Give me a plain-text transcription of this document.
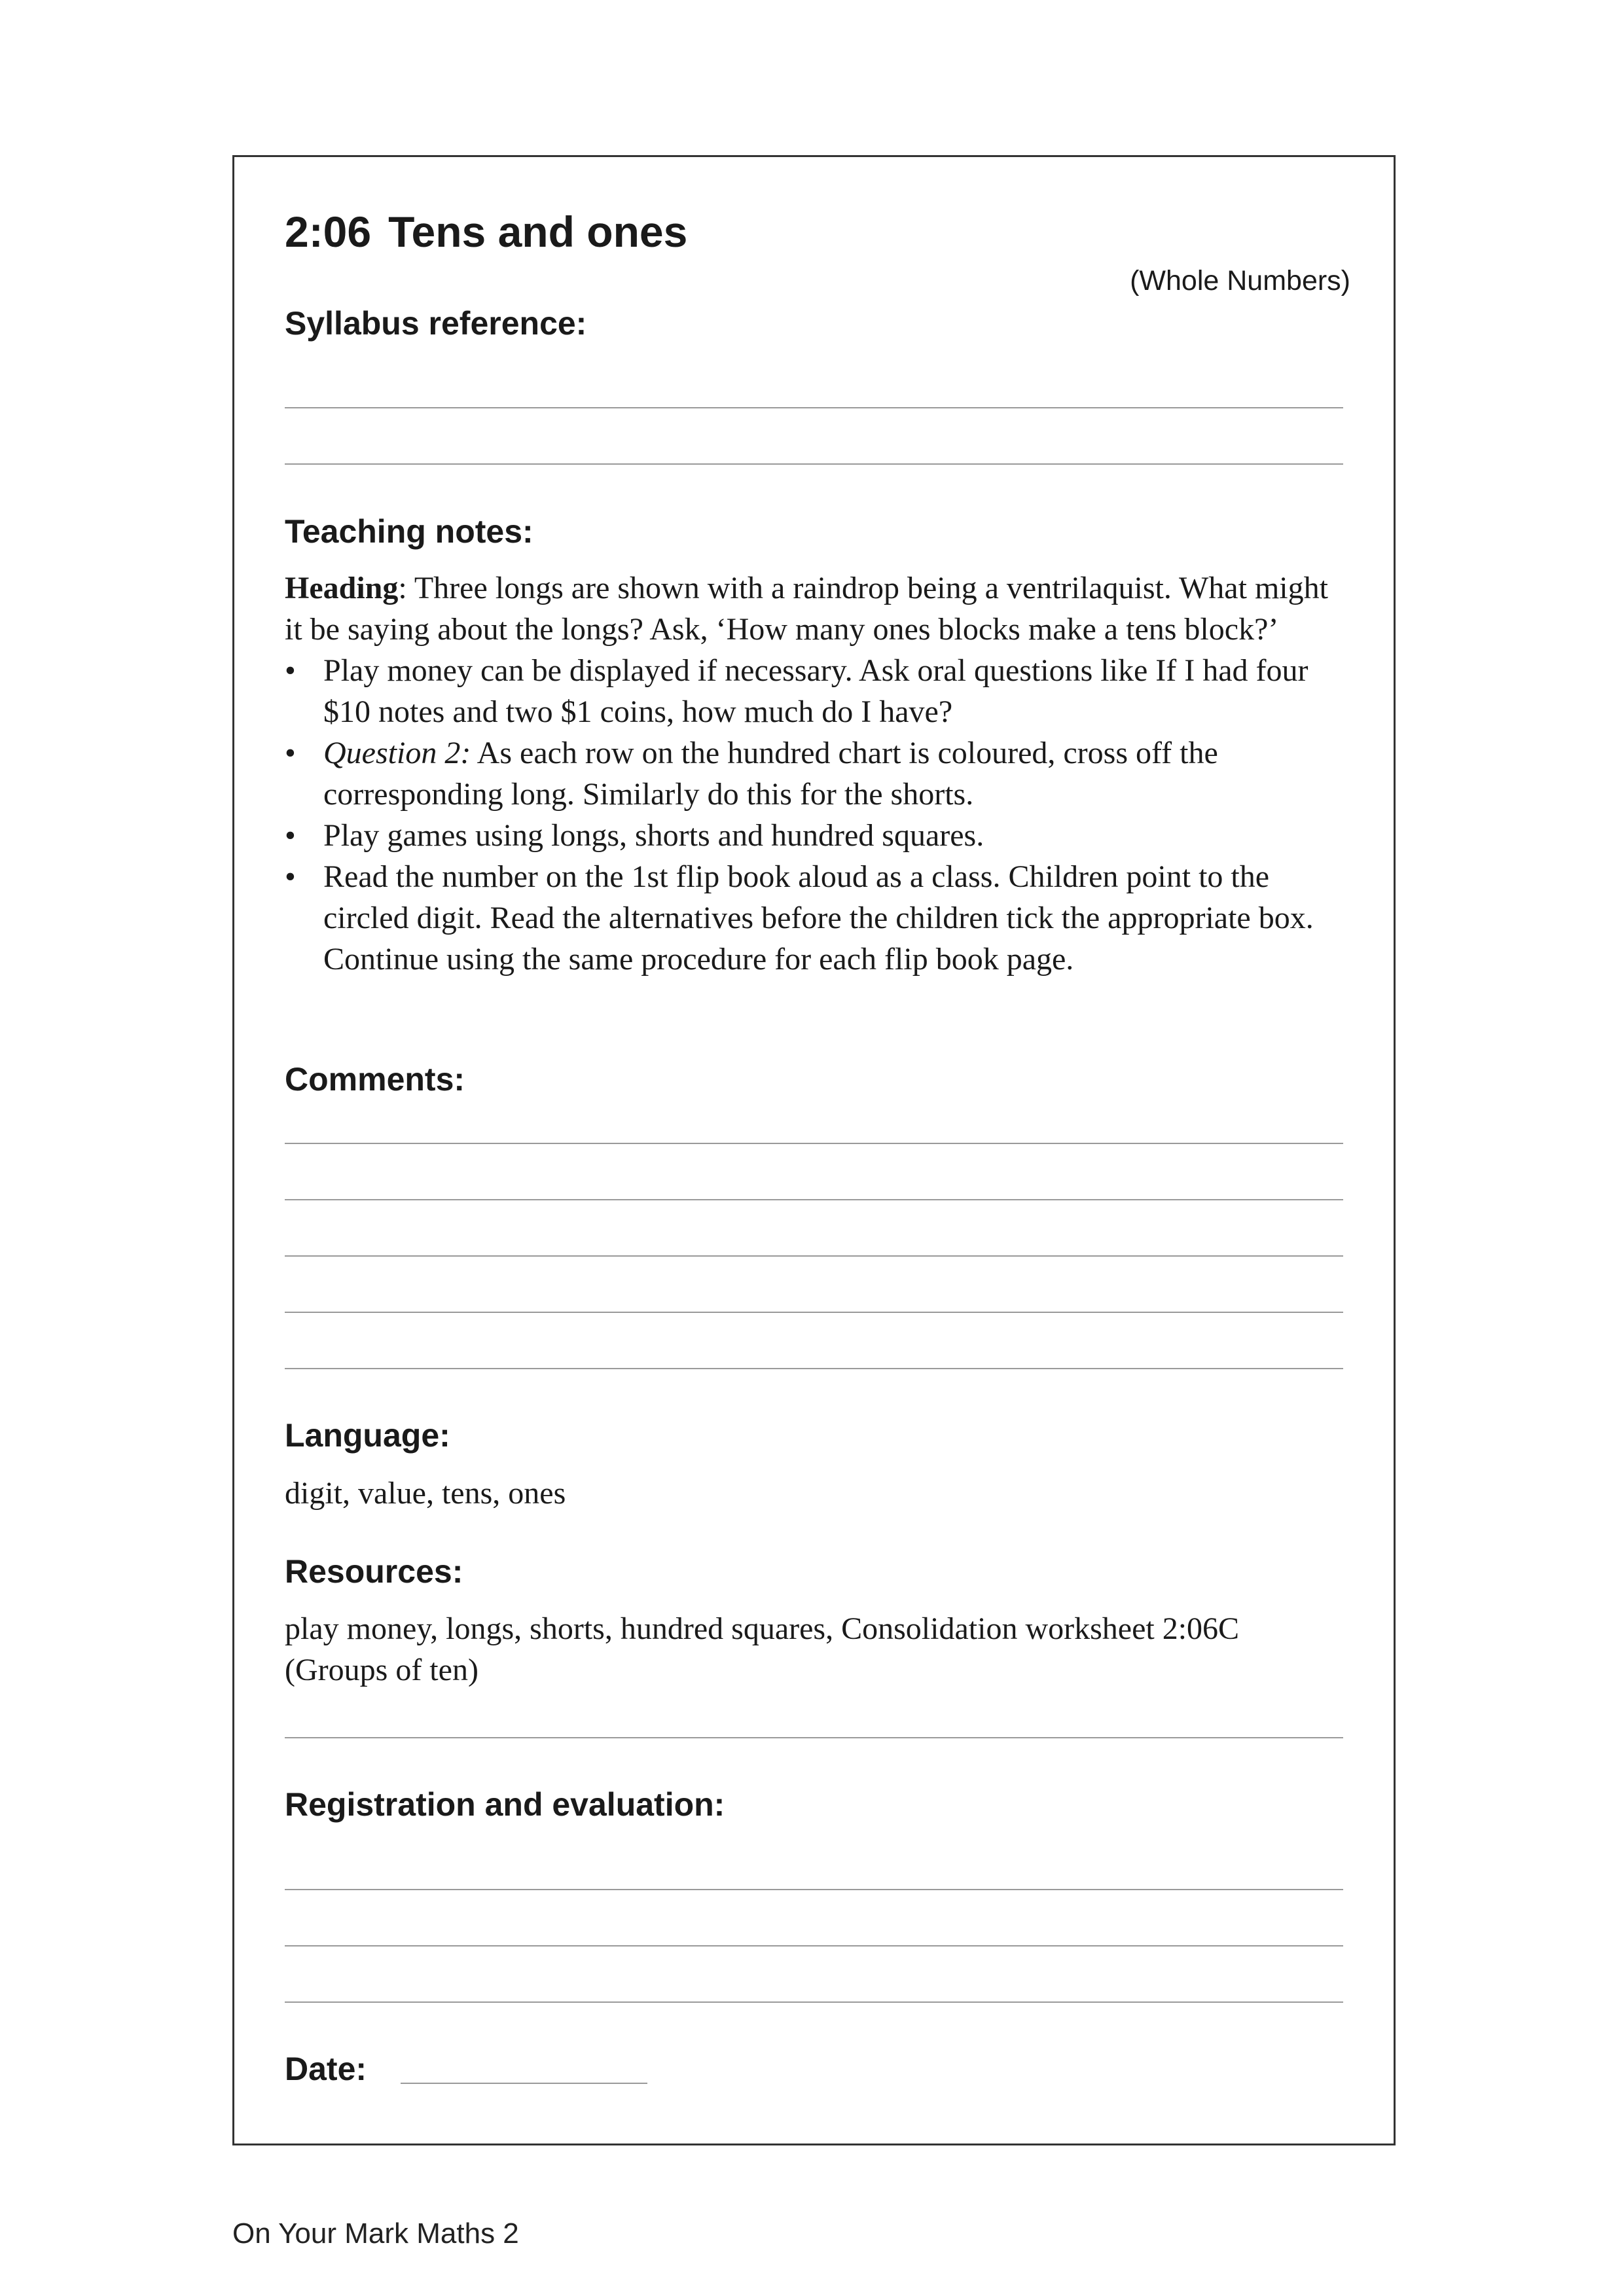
2:06 Tens and ones
(Whole Numbers)
Syllabus reference:
Teaching notes:

Heading: Three longs are shown with a raindrop being a ventrilaquist. What might it be saying about the longs? Ask, ‘How many ones blocks make a tens block?’

• Play money can be displayed if necessary. Ask oral questions like If I had four $10 notes and two $1 coins, how much do I have?
• Question 2: As each row on the hundred chart is coloured, cross off the corresponding long. Similarly do this for the shorts.
• Play games using longs, shorts and hundred squares.
• Read the number on the 1st flip book aloud as a class. Children point to the circled digit. Read the alternatives before the children tick the appropriate box. Continue using the same procedure for each flip book page.
Comments:
Language:
digit, value, tens, ones
Resources:
play money, longs, shorts, hundred squares, Consolidation worksheet 2:06C (Groups of ten)
Registration and evaluation:
Date:
On Your Mark Maths 2
